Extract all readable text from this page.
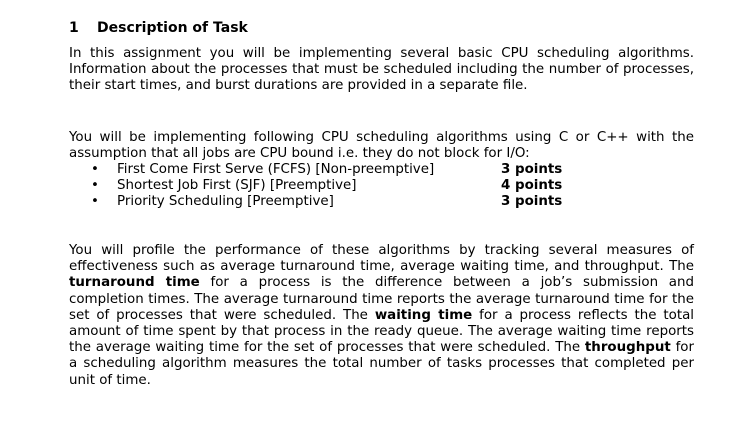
1 Description of Task
In this assignment you will be implementing several basic CPU scheduling algorithms. Information about the processes that must be scheduled including the number of processes, their start times, and burst durations are provided in a separate file.
You will be implementing following CPU scheduling algorithms using C or C++ with the assumption that all jobs are CPU bound i.e. they do not block for I/O:
• First Come First Serve (FCFS) [Non-preemptive]	3 points
• Shortest Job First (SJF) [Preemptive]	4 points
• Priority Scheduling [Preemptive]	3 points
You will profile the performance of these algorithms by tracking several measures of effectiveness such as average turnaround time, average waiting time, and throughput. The turnaround time for a process is the difference between a job’s submission and completion times. The average turnaround time reports the average turnaround time for the set of processes that were scheduled. The waiting time for a process reflects the total amount of time spent by that process in the ready queue. The average waiting time reports the average waiting time for the set of processes that were scheduled. The throughput for a scheduling algorithm measures the total number of tasks processes that completed per unit of time.
